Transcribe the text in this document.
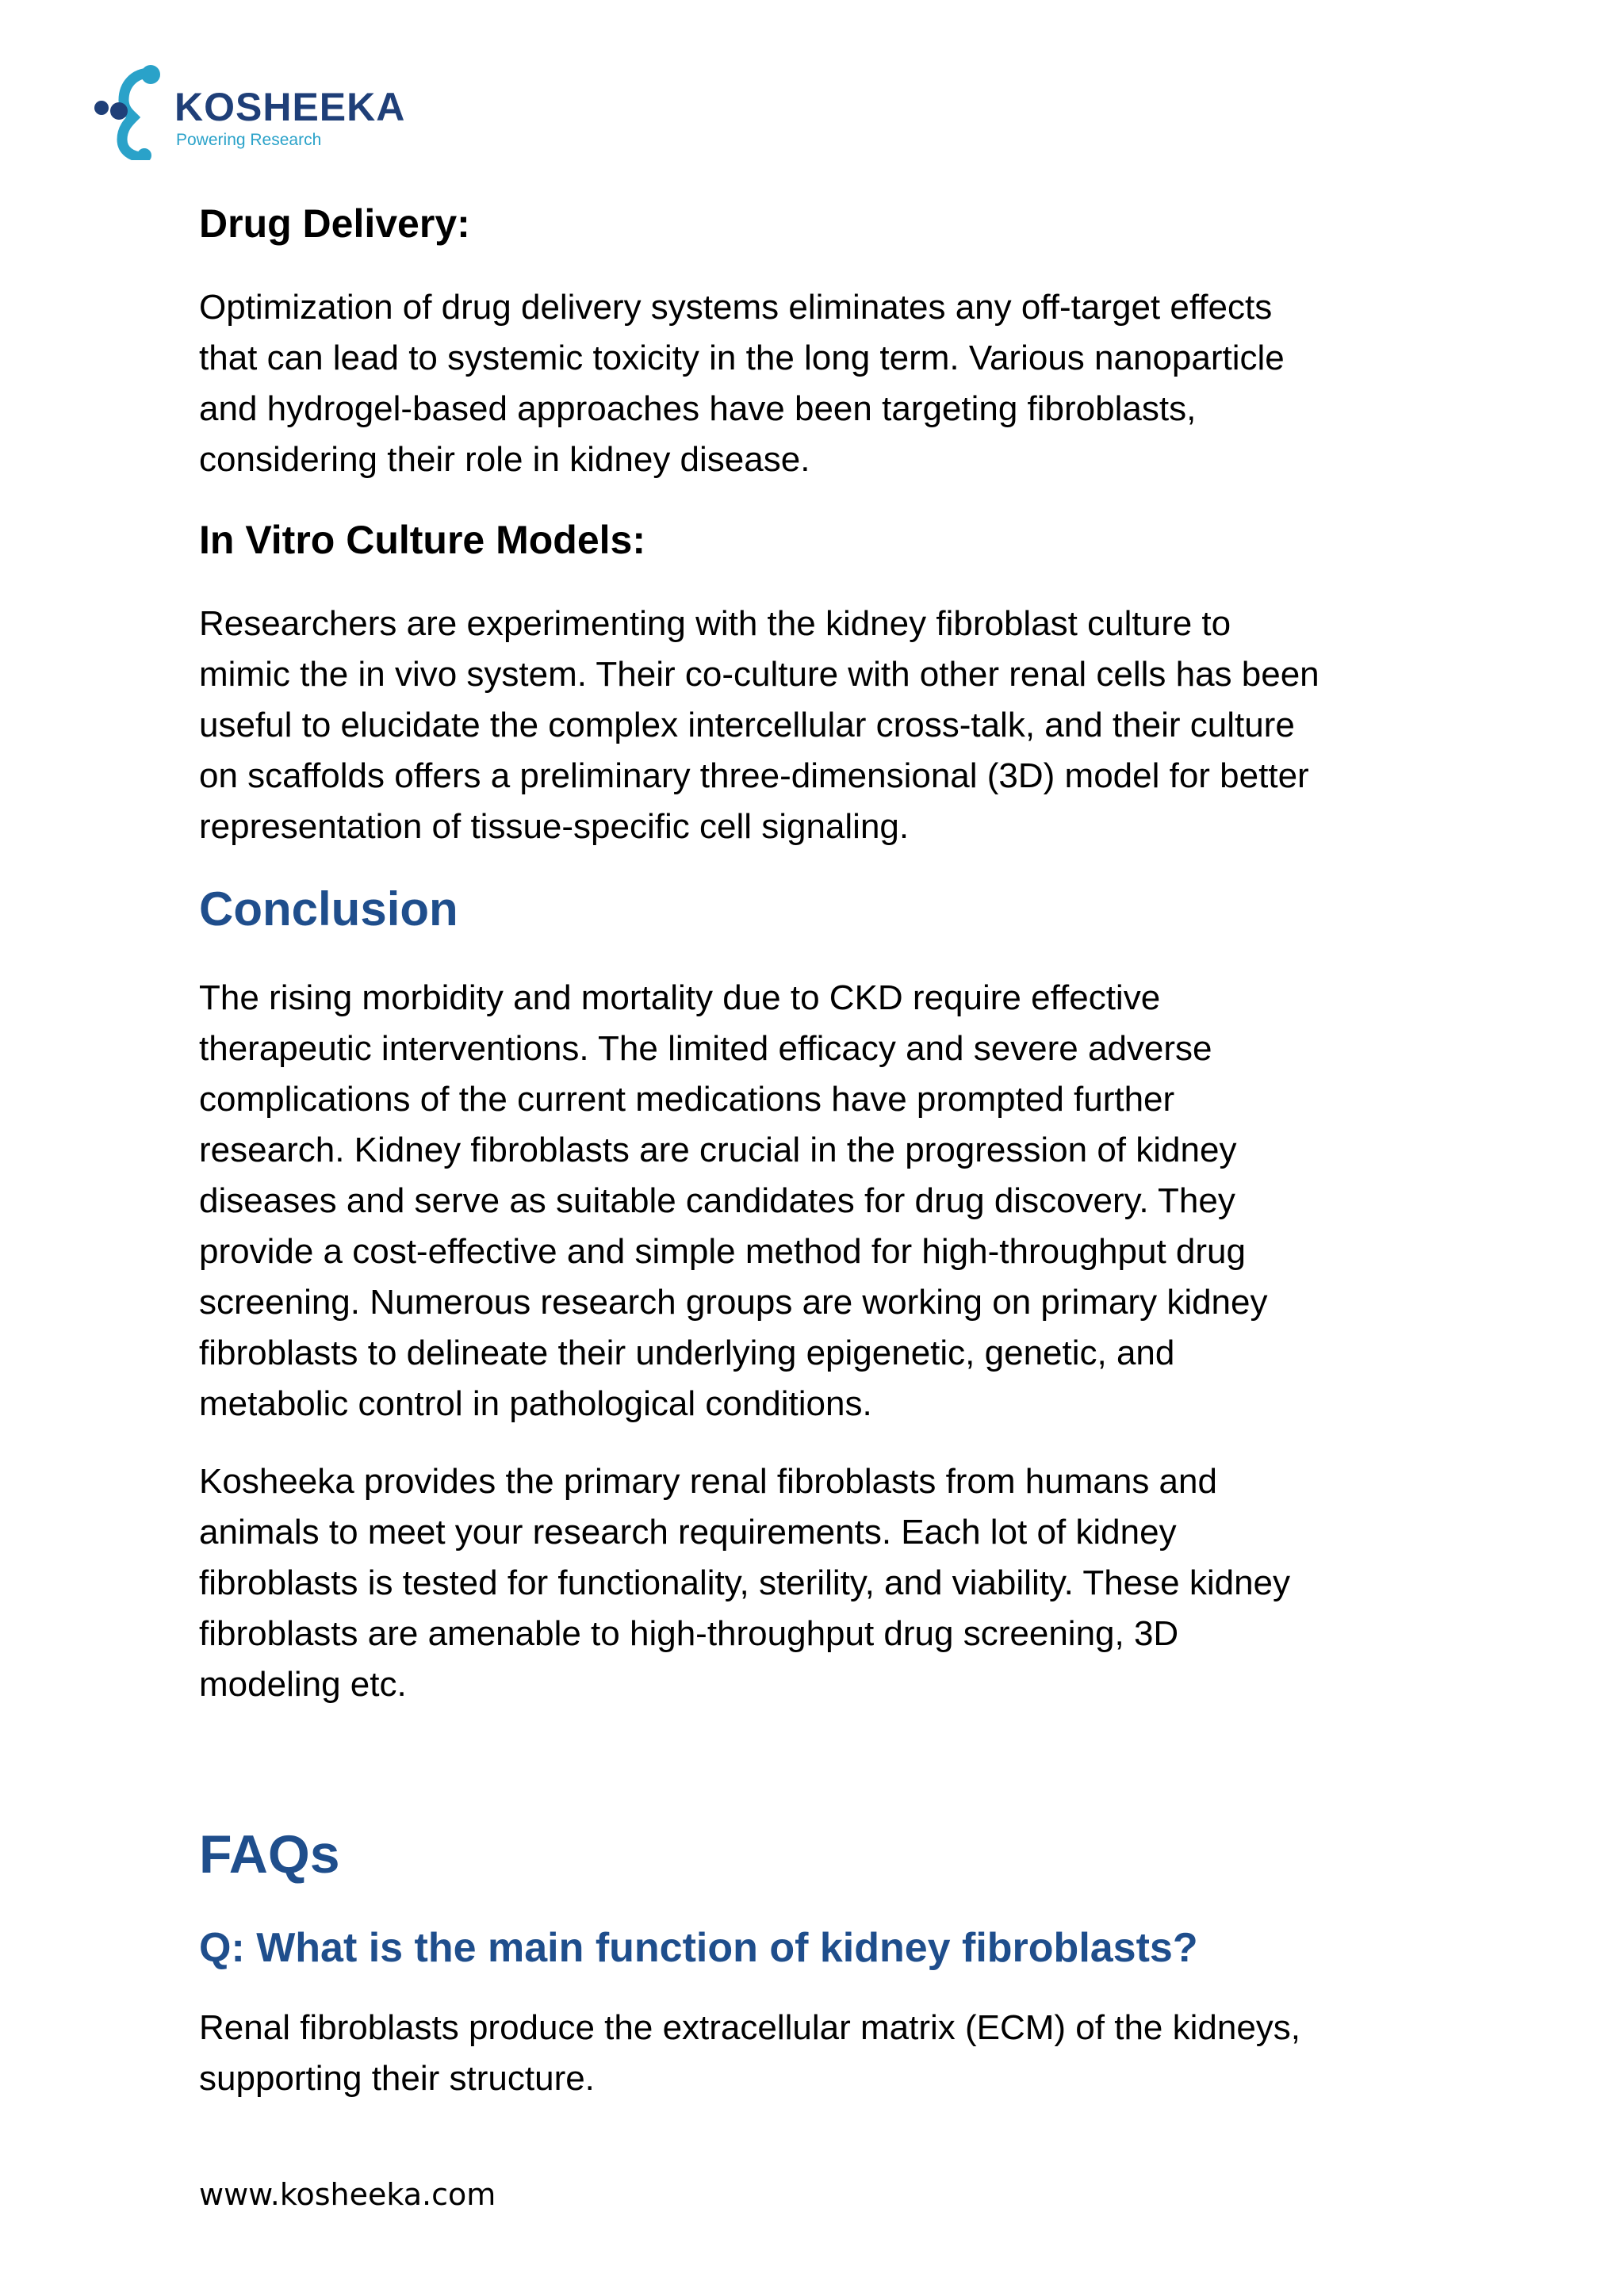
KOSHEEKA
Powering Research
Drug Delivery:

Optimization of drug delivery systems eliminates any off-target effects
that can lead to systemic toxicity in the long term. Various nanoparticle
and hydrogel-based approaches have been targeting fibroblasts,
considering their role in kidney disease.

In Vitro Culture Models:

Researchers are experimenting with the kidney fibroblast culture to
mimic the in vivo system. Their co-culture with other renal cells has been
useful to elucidate the complex intercellular cross-talk, and their culture
on scaffolds offers a preliminary three-dimensional (3D) model for better
representation of tissue-specific cell signaling.

Conclusion

The rising morbidity and mortality due to CKD require effective
therapeutic interventions. The limited efficacy and severe adverse
complications of the current medications have prompted further
research. Kidney fibroblasts are crucial in the progression of kidney
diseases and serve as suitable candidates for drug discovery. They
provide a cost-effective and simple method for high-throughput drug
screening. Numerous research groups are working on primary kidney
fibroblasts to delineate their underlying epigenetic, genetic, and
metabolic control in pathological conditions.

Kosheeka provides the primary renal fibroblasts from humans and
animals to meet your research requirements. Each lot of kidney
fibroblasts is tested for functionality, sterility, and viability. These kidney
fibroblasts are amenable to high-throughput drug screening, 3D
modeling etc.

FAQs
Q: What is the main function of kidney fibroblasts?

Renal fibroblasts produce the extracellular matrix (ECM) of the kidneys,
supporting their structure.

www.kosheeka.com
